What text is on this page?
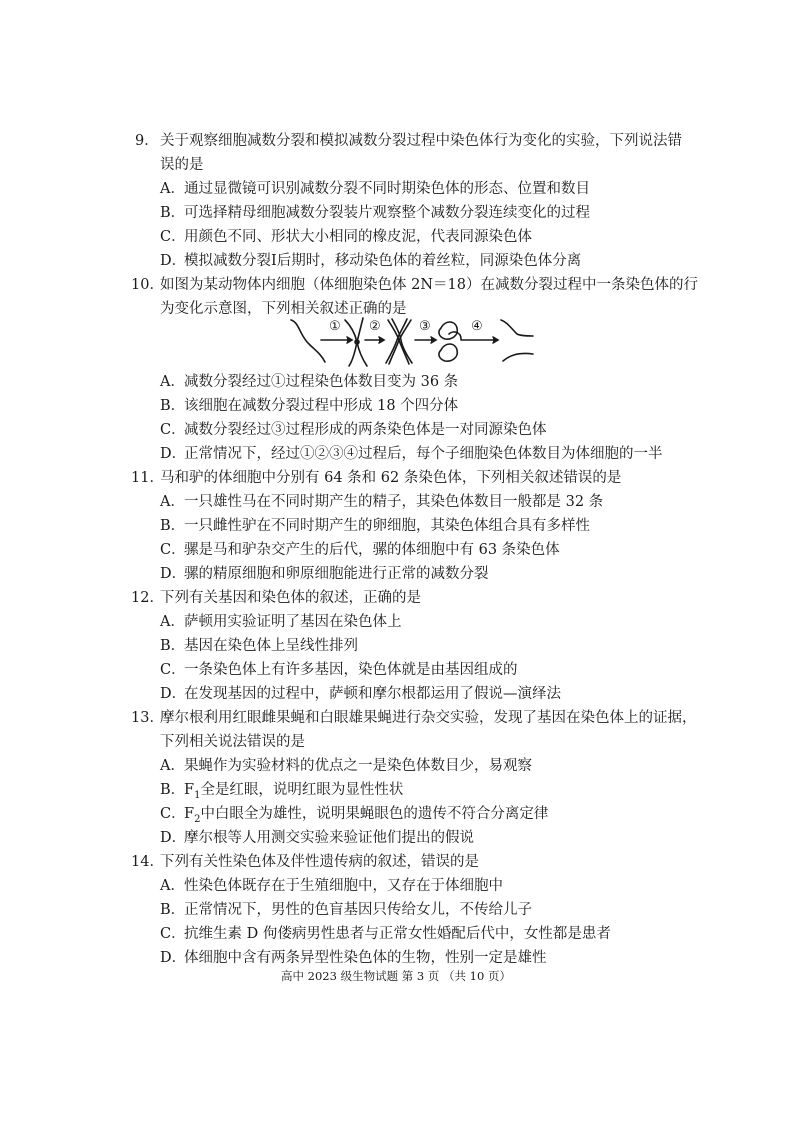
9． 关于观察细胞减数分裂和模拟减数分裂过程中染色体行为变化的实验，下列说法错
误的是
A．通过显微镜可识别减数分裂不同时期染色体的形态、位置和数目
B．可选择精母细胞减数分裂装片观察整个减数分裂连续变化的过程
C．用颜色不同、形状大小相同的橡皮泥，代表同源染色体
D．模拟减数分裂Ⅰ后期时，移动染色体的着丝粒，同源染色体分离
10．
如图为某动物体内细胞（体细胞染色体 2N＝18）在减数分裂过程中一条染色体的行
为变化示意图，下列相关叙述正确的是
① ②	③	④
A．减数分裂经过①过程染色体数目变为 36 条
B．该细胞在减数分裂过程中形成 18 个四分体
C．减数分裂经过③过程形成的两条染色体是一对同源染色体
D．正常情况下，经过①②③④过程后，每个子细胞染色体数目为体细胞的一半
11．
马和驴的体细胞中分别有 64 条和 62 条染色体，下列相关叙述错误的是
A．一只雄性马在不同时期产生的精子，其染色体数目一般都是 32 条
B．一只雌性驴在不同时期产生的卵细胞，其染色体组合具有多样性
C．骡是马和驴杂交产生的后代，骡的体细胞中有 63 条染色体
D．骡的精原细胞和卵原细胞能进行正常的减数分裂
12．
下列有关基因和染色体的叙述，正确的是
A．萨顿用实验证明了基因在染色体上
B．基因在染色体上呈线性排列
C．一条染色体上有许多基因，染色体就是由基因组成的
D．在发现基因的过程中，萨顿和摩尔根都运用了假说—演绎法
13．
摩尔根利用红眼雌果蝇和白眼雄果蝇进行杂交实验，发现了基因在染色体上的证据，
下列相关说法错误的是
A．果蝇作为实验材料的优点之一是染色体数目少，易观察
B．$F_1$全是红眼，说明红眼为显性性状
C．$F_2$中白眼全为雄性，说明果蝇眼色的遗传不符合分离定律
D．摩尔根等人用测交实验来验证他们提出的假说
14．
下列有关性染色体及伴性遗传病的叙述，错误的是
A．性染色体既存在于生殖细胞中，又存在于体细胞中
B．正常情况下，男性的色盲基因只传给女儿，不传给儿子
C．抗维生素 D 佝偻病男性患者与正常女性婚配后代中，女性都是患者
D．体细胞中含有两条异型性染色体的生物，性别一定是雄性
高中 2023 级生物试题 第 3 页 （共 10 页）
